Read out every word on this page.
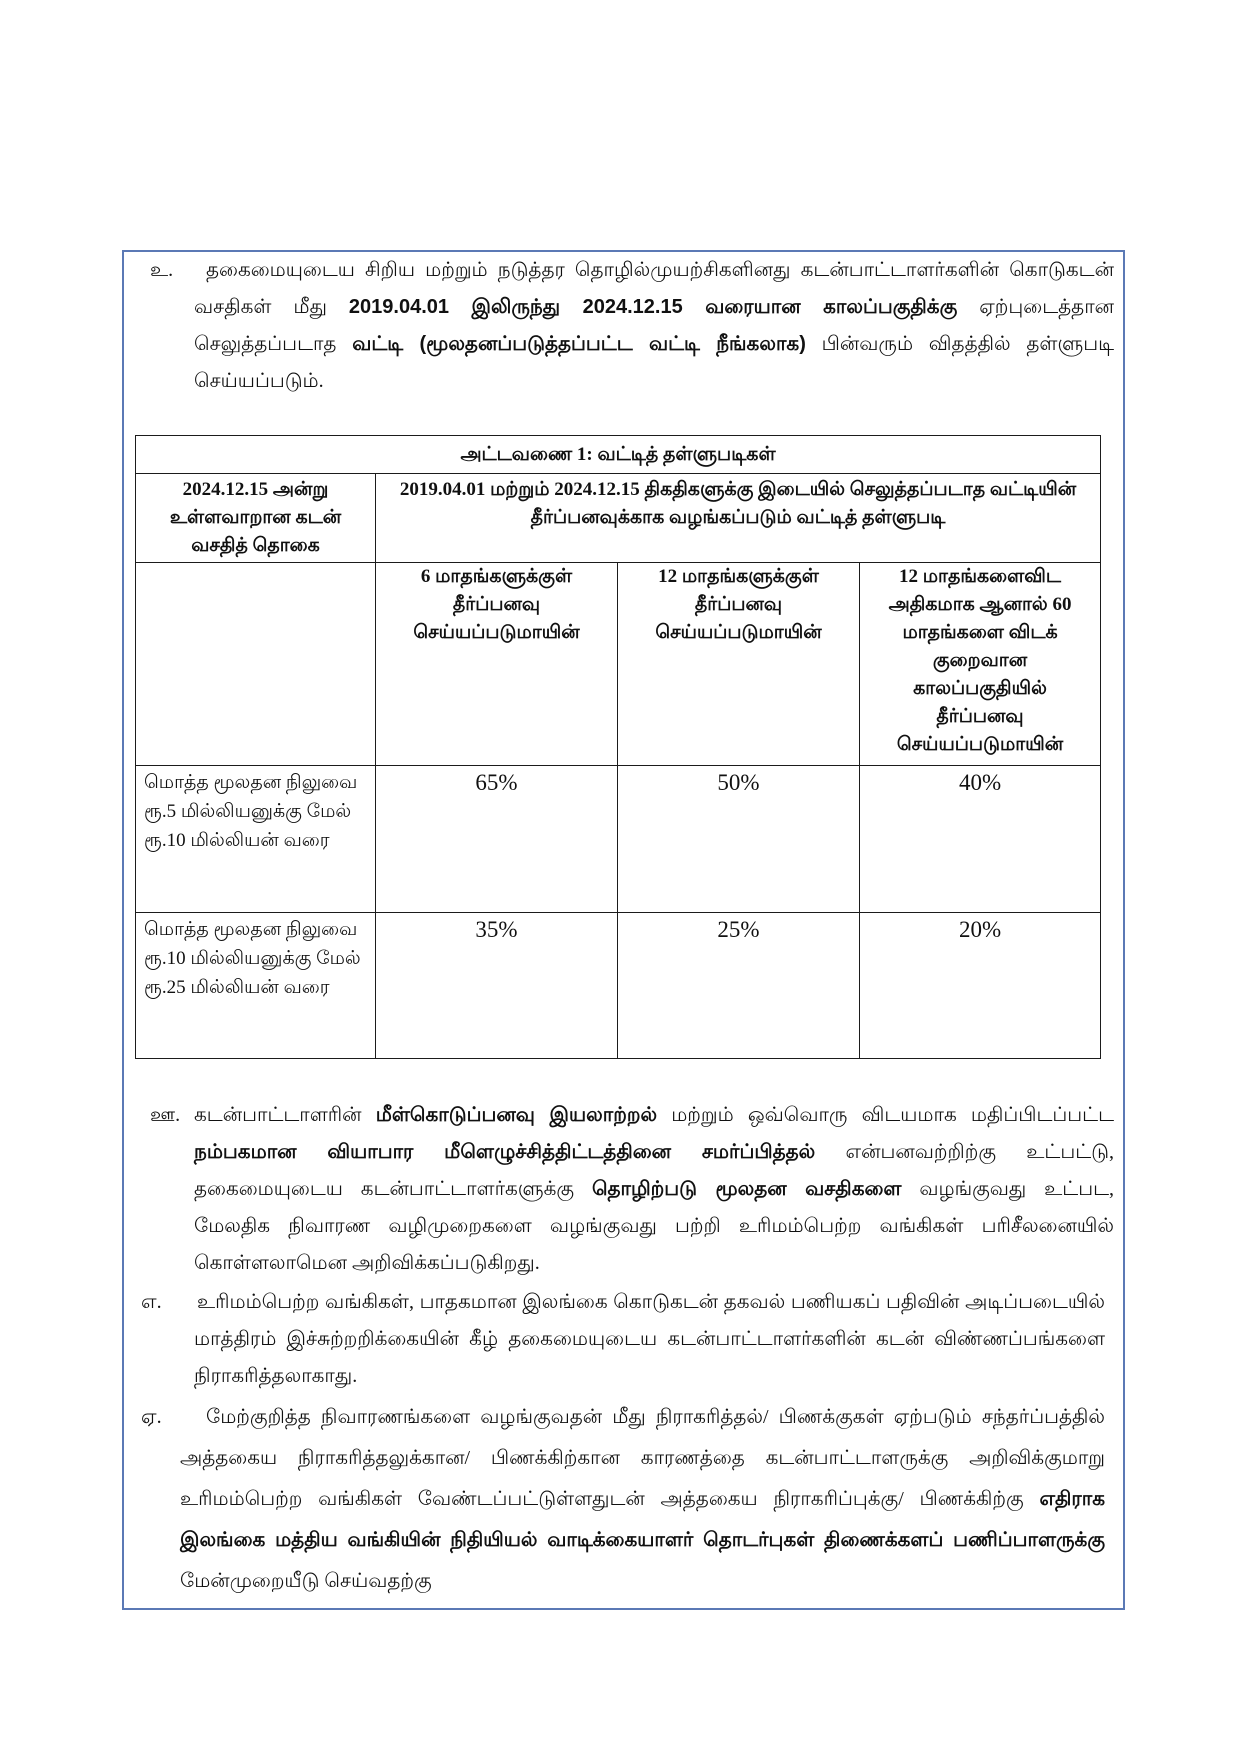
உ. தகைமையுடைய சிறிய மற்றும் நடுத்தர தொழில்முயற்சிகளினது கடன்பாட்டாளர்களின் கொடுகடன் வசதிகள் மீது 2019.04.01 இலிருந்து 2024.12.15 வரையான காலப்பகுதிக்கு ஏற்புடைத்தான செலுத்தப்படாத வட்டி (மூலதனப்படுத்தப்பட்ட வட்டி நீங்கலாக) பின்வரும் விதத்தில் தள்ளுபடி செய்யப்படும்.

அட்டவணை 1: வட்டித் தள்ளுபடிகள்			
2024.12.15 அன்று உள்ளவாறான கடன் வசதித் தொகை	2019.04.01 மற்றும் 2024.12.15 திகதிகளுக்கு இடையில் செலுத்தப்படாத வட்டியின் தீர்ப்பனவுக்காக வழங்கப்படும் வட்டித் தள்ளுபடி		
	6 மாதங்களுக்குள் தீர்ப்பனவு செய்யப்படுமாயின்	12 மாதங்களுக்குள் தீர்ப்பனவு செய்யப்படுமாயின்	12 மாதங்களைவிட அதிகமாக ஆனால் 60 மாதங்களை விடக் குறைவான காலப்பகுதியில் தீர்ப்பனவு செய்யப்படுமாயின்
மொத்த மூலதன நிலுவை ரூ.5 மில்லியனுக்கு மேல் ரூ.10 மில்லியன் வரை	65%	50%	40%
மொத்த மூலதன நிலுவை ரூ.10 மில்லியனுக்கு மேல் ரூ.25 மில்லியன் வரை	35%	25%	20%

ஊ. கடன்பாட்டாளரின் மீள்கொடுப்பனவு இயலாற்றல் மற்றும் ஒவ்வொரு விடயமாக மதிப்பிடப்பட்ட நம்பகமான வியாபார மீளெழுச்சித்திட்டத்தினை சமர்ப்பித்தல் என்பனவற்றிற்கு உட்பட்டு, தகைமையுடைய கடன்பாட்டாளர்களுக்கு தொழிற்படு மூலதன வசதிகளை வழங்குவது உட்பட, மேலதிக நிவாரண வழிமுறைகளை வழங்குவது பற்றி உரிமம்பெற்ற வங்கிகள் பரிசீலனையில் கொள்ளலாமென அறிவிக்கப்படுகிறது.

எ. உரிமம்பெற்ற வங்கிகள், பாதகமான இலங்கை கொடுகடன் தகவல் பணியகப் பதிவின் அடிப்படையில் மாத்திரம் இச்சுற்றறிக்கையின் கீழ் தகைமையுடைய கடன்பாட்டாளர்களின் கடன் விண்ணப்பங்களை நிராகரித்தலாகாது.

ஏ. மேற்குறித்த நிவாரணங்களை வழங்குவதன் மீது நிராகரித்தல்/ பிணக்குகள் ஏற்படும் சந்தர்ப்பத்தில் அத்தகைய நிராகரித்தலுக்கான/ பிணக்கிற்கான காரணத்தை கடன்பாட்டாளருக்கு அறிவிக்குமாறு உரிமம்பெற்ற வங்கிகள் வேண்டப்பட்டுள்ளதுடன் அத்தகைய நிராகரிப்புக்கு/ பிணக்கிற்கு எதிராக இலங்கை மத்திய வங்கியின் நிதியியல் வாடிக்கையாளர் தொடர்புகள் திணைக்களப் பணிப்பாளருக்கு மேன்முறையீடு செய்வதற்கு
